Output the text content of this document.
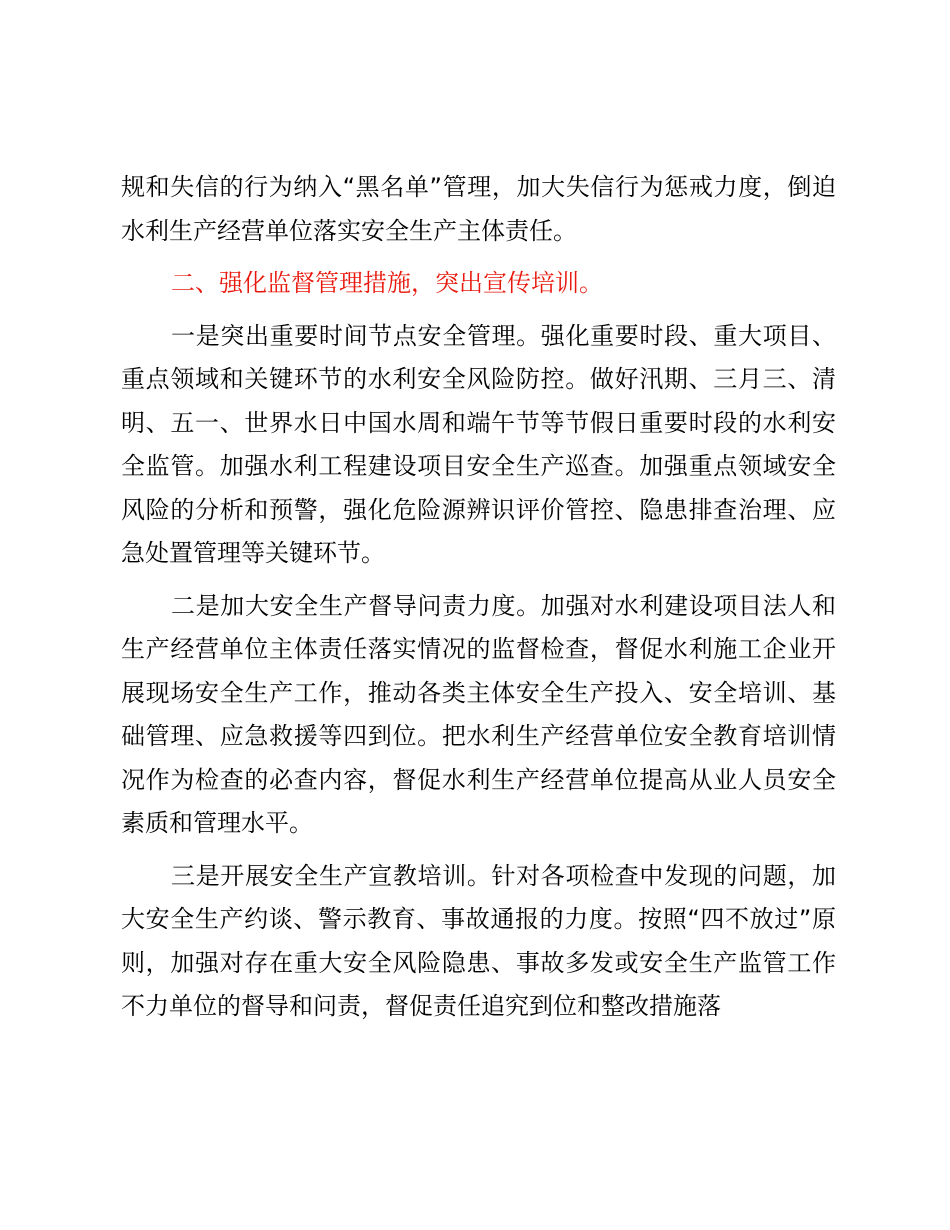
规和失信的行为纳入“黑名单”管理，加大失信行为惩戒力度，倒迫水利生产经营单位落实安全生产主体责任。

二、强化监督管理措施，突出宣传培训。

一是突出重要时间节点安全管理。强化重要时段、重大项目、重点领域和关键环节的水利安全风险防控。做好汛期、三月三、清明、五一、世界水日中国水周和端午节等节假日重要时段的水利安全监管。加强水利工程建设项目安全生产巡查。加强重点领域安全风险的分析和预警，强化危险源辨识评价管控、隐患排查治理、应急处置管理等关键环节。

二是加大安全生产督导问责力度。加强对水利建设项目法人和生产经营单位主体责任落实情况的监督检查，督促水利施工企业开展现场安全生产工作，推动各类主体安全生产投入、安全培训、基础管理、应急救援等四到位。把水利生产经营单位安全教育培训情况作为检查的必查内容，督促水利生产经营单位提高从业人员安全素质和管理水平。

三是开展安全生产宣教培训。针对各项检查中发现的问题，加大安全生产约谈、警示教育、事故通报的力度。按照“四不放过”原则，加强对存在重大安全风险隐患、事故多发或安全生产监管工作不力单位的督导和问责，督促责任追究到位和整改措施落
